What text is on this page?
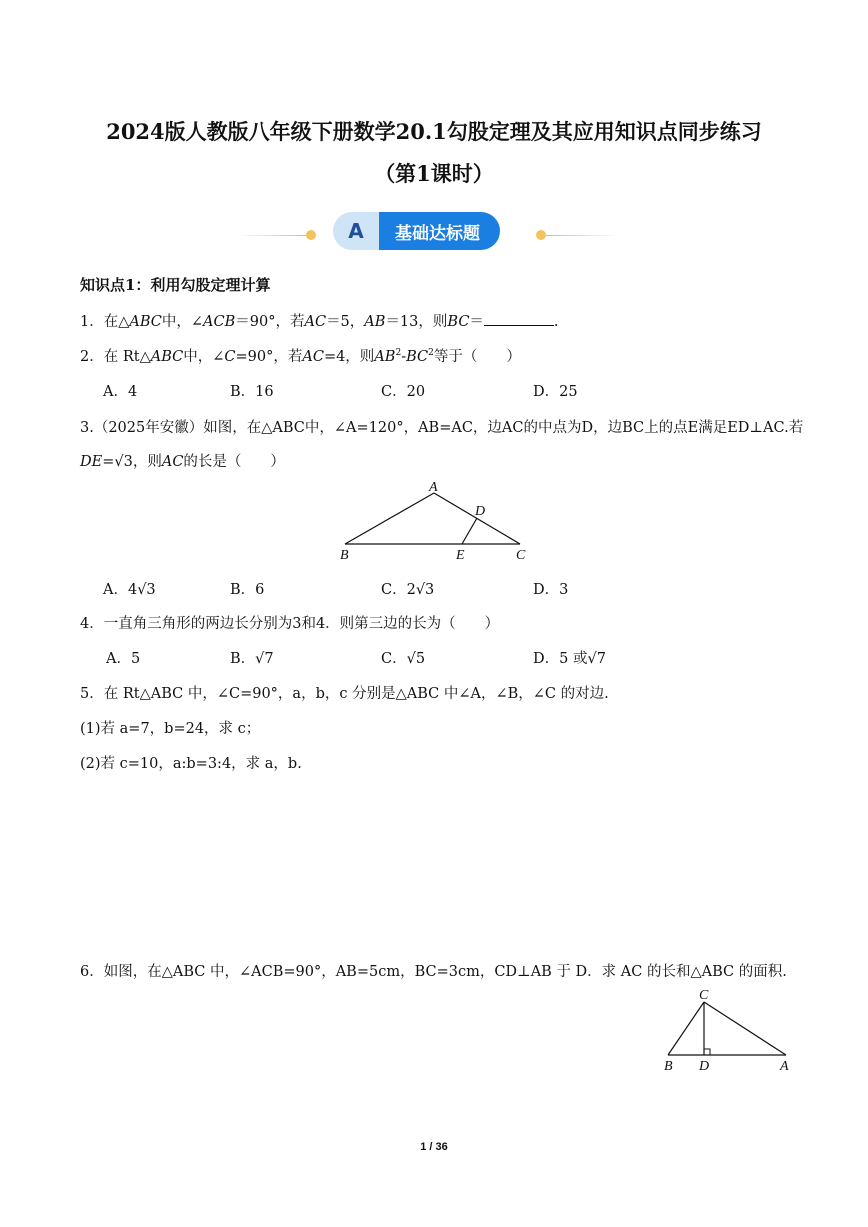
2024版人教版八年级下册数学20.1勾股定理及其应用知识点同步练习
（第1课时）
A	基础达标题
知识点1：利用勾股定理计算
1．在△ABC中，∠ACB＝90°，若AC＝5，AB＝13，则BC＝	.
2．在 Rt△ABC中，∠C=90°，若AC=4，则$AB^2-BC^2$等于（　　）
A．4	B．16	C．20	D．25
3.（2025年安徽）如图，在△ABC中，∠A=120°，AB=AC，边AC的中点为D，边BC上的点E满足ED⊥AC.若
DE=√3，则AC的长是（　　）
A
B	C
D
E
A．4√3	B．6	C．2√3	D．3
4．一直角三角形的两边长分别为3和4．则第三边的长为（　　）
A．5	B．√7	C．√5	D．5 或√7
5．在 Rt△ABC 中，∠C=90°，a，b，c 分别是△ABC 中∠A，∠B，∠C 的对边.
(1)若 a=7，b=24，求 c；
(2)若 c=10，a:b=3:4，求 a，b.
6．如图，在△ABC 中，∠ACB=90°，AB=5cm，BC=3cm，CD⊥AB 于 D．求 AC 的长和△ABC 的面积.
C
B D	A
1 / 36
